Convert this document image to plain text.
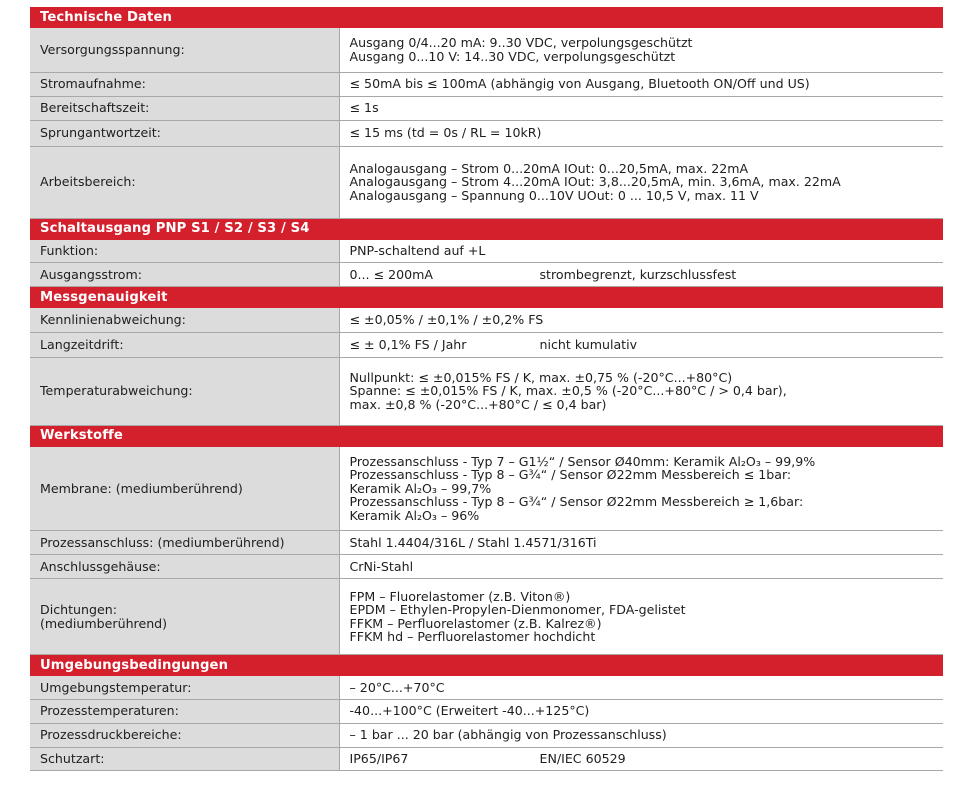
Technische Daten	
Versorgungsspannung:	Ausgang 0/4...20 mA: 9..30 VDC, verpolungsgeschützt
Ausgang 0...10 V: 14..30 VDC, verpolungsgeschützt

Stromaufnahme:	≤ 50mA bis ≤ 100mA (abhängig von Ausgang, Bluetooth ON/Off und US)

Bereitschaftszeit:	≤ 1s

Sprungantwortzeit:	≤ 15 ms (td = 0s / RL = 10kR)

Arbeitsbereich:	Analogausgang – Strom 0...20mA IOut: 0...20,5mA, max. 22mA
Analogausgang – Strom 4...20mA IOut: 3,8...20,5mA, min. 3,6mA, max. 22mA
Analogausgang – Spannung 0...10V UOut: 0 ... 10,5 V, max. 11 V

Schaltausgang PNP S1 / S2 / S3 / S4	
Funktion:	PNP-schaltend auf +L

Ausgangsstrom:	0... ≤ 200mA strombegrenzt, kurzschlussfest

Messgenauigkeit	
Kennlinienabweichung:	≤ ±0,05% / ±0,1% / ±0,2% FS

Langzeitdrift:	≤ ± 0,1% FS / Jahr nicht kumulativ

Temperaturabweichung:	Nullpunkt: ≤ ±0,015% FS / K, max. ±0,75 % (-20°C...+80°C)
Spanne: ≤ ±0,015% FS / K, max. ±0,5 % (-20°C...+80°C / > 0,4 bar),
max. ±0,8 % (-20°C...+80°C / ≤ 0,4 bar)

Werkstoffe	
Membrane: (mediumberührend)	Prozessanschluss - Typ 7 – G1½“ / Sensor Ø40mm: Keramik Al₂O₃ – 99,9%
Prozessanschluss - Typ 8 – G¾“ / Sensor Ø22mm Messbereich ≤ 1bar:
Keramik Al₂O₃ – 99,7%
Prozessanschluss - Typ 8 – G¾“ / Sensor Ø22mm Messbereich ≥ 1,6bar:
Keramik Al₂O₃ – 96%

Prozessanschluss: (mediumberührend)	Stahl 1.4404/316L / Stahl 1.4571/316Ti

Anschlussgehäuse:	CrNi-Stahl

Dichtungen:
(mediumberührend)	FPM – Fluorelastomer (z.B. Viton®)
EPDM – Ethylen-Propylen-Dienmonomer, FDA-gelistet
FFKM – Perfluorelastomer (z.B. Kalrez®)
FFKM hd – Perfluorelastomer hochdicht

Umgebungsbedingungen	
Umgebungstemperatur:	– 20°C...+70°C

Prozesstemperaturen:	-40...+100°C (Erweitert -40...+125°C)

Prozessdruckbereiche:	– 1 bar ... 20 bar (abhängig von Prozessanschluss)

Schutzart:	IP65/IP67 EN/IEC 60529
